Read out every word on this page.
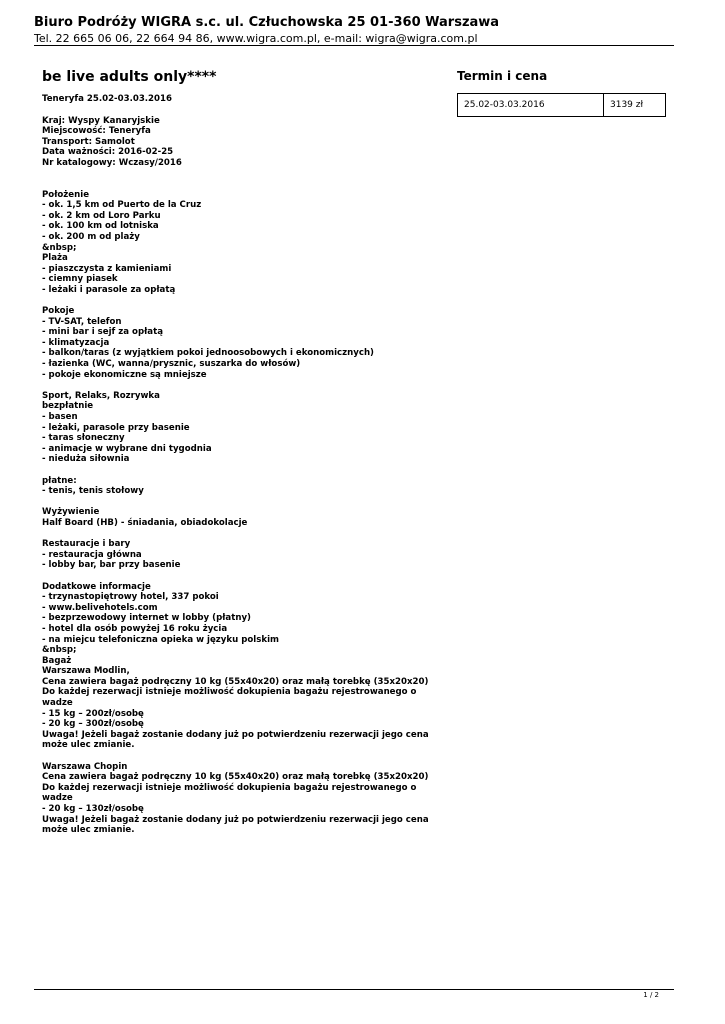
Biuro Podróży WIGRA s.c. ul. Człuchowska 25 01-360 Warszawa
Tel. 22 665 06 06, 22 664 94 86, www.wigra.com.pl, e-mail: wigra@wigra.com.pl
be live adults only****

Teneryfa 25.02-03.03.2016

Kraj: Wyspy Kanaryjskie
Miejscowość: Teneryfa
Transport: Samolot
Data ważności: 2016-02-25
Nr katalogowy: Wczasy/2016

Położenie
- ok. 1,5 km od Puerto de la Cruz
- ok. 2 km od Loro Parku
- ok. 100 km od lotniska
- ok. 200 m od plaży
&nbsp;
Plaża
- piaszczysta z kamieniami
- ciemny piasek
- leżaki i parasole za opłatą

Pokoje
- TV-SAT, telefon
- mini bar i sejf za opłatą
- klimatyzacja
- balkon/taras (z wyjątkiem pokoi jednoosobowych i ekonomicznych)
- łazienka (WC, wanna/prysznic, suszarka do włosów)
- pokoje ekonomiczne są mniejsze

Sport, Relaks, Rozrywka
bezpłatnie
- basen
- leżaki, parasole przy basenie
- taras słoneczny
- animacje w wybrane dni tygodnia
- nieduża siłownia

płatne:
- tenis, tenis stołowy

Wyżywienie
Half Board (HB) - śniadania, obiadokolacje

Restauracje i bary
- restauracja główna
- lobby bar, bar przy basenie

Dodatkowe informacje
- trzynastopiętrowy hotel, 337 pokoi
- www.belivehotels.com
- bezprzewodowy internet w lobby (płatny)
- hotel dla osób powyżej 16 roku życia
- na miejcu telefoniczna opieka w języku polskim
&nbsp;
Bagaż
Warszawa Modlin,
Cena zawiera bagaż podręczny 10 kg (55x40x20) oraz małą torebkę (35x20x20)
Do każdej rezerwacji istnieje możliwość dokupienia bagażu rejestrowanego o wadze
- 15 kg – 200zł/osobę
- 20 kg – 300zł/osobę
Uwaga! Jeżeli bagaż zostanie dodany już po potwierdzeniu rezerwacji jego cena może ulec zmianie.

Warszawa Chopin
Cena zawiera bagaż podręczny 10 kg (55x40x20) oraz małą torebkę (35x20x20)
Do każdej rezerwacji istnieje możliwość dokupienia bagażu rejestrowanego o wadze
- 20 kg – 130zł/osobę
Uwaga! Jeżeli bagaż zostanie dodany już po potwierdzeniu rezerwacji jego cena może ulec zmianie.

Termin i cena
25.02-03.03.2016	3139 zł
1 / 2
